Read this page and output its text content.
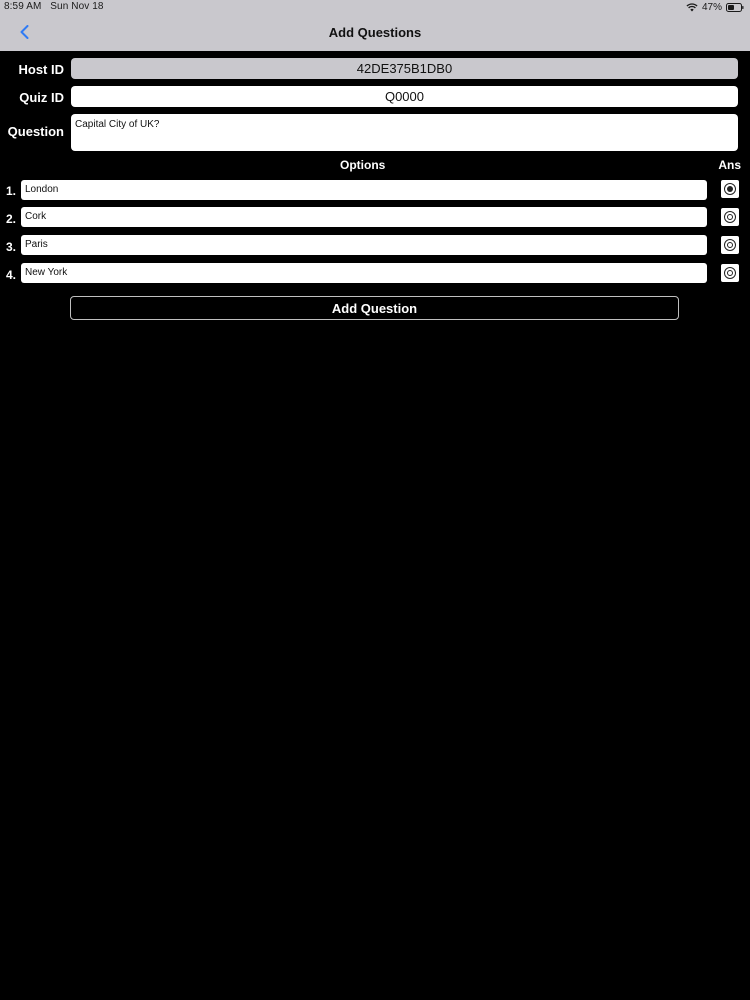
8:59 AM Sun Nov 18	47%
Add Questions
Host ID	42DE375B1DB0
Quiz ID	Q0000
Question	Capital City of UK?
Options	Ans
1. London
2. Cork
3. Paris
4. New York
Add Question
